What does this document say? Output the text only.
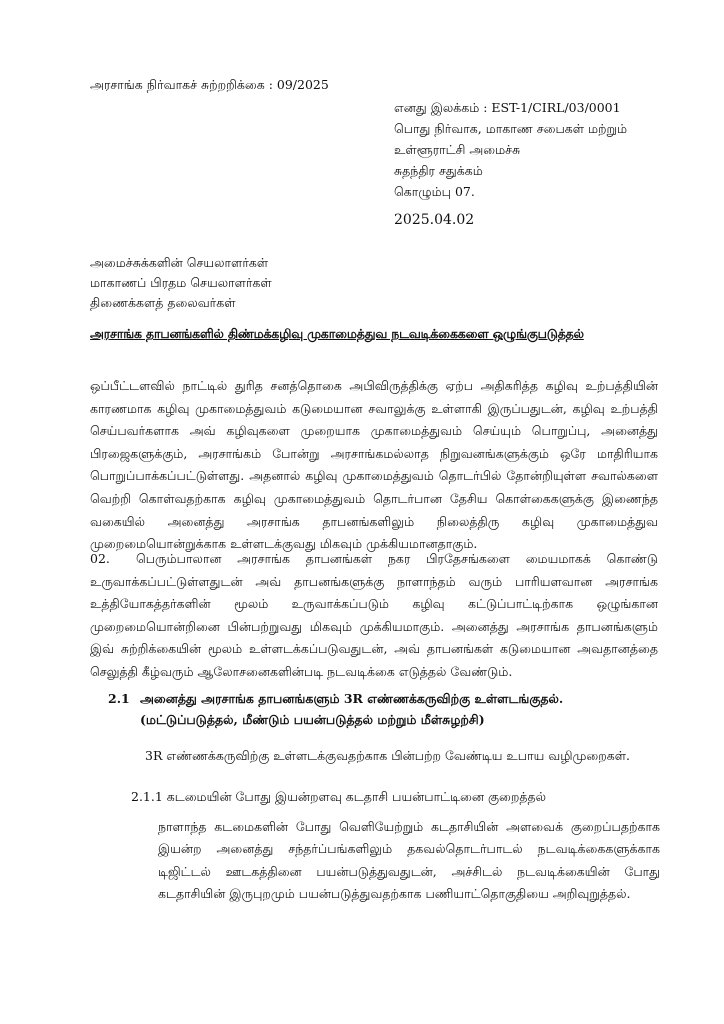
அரசாங்க நிர்வாகச் சுற்றறிக்கை : 09/2025

எனது இலக்கம் : EST-1/CIRL/03/0001
பொது நிர்வாக, மாகாண சபைகள் மற்றும்
உள்ளூராட்சி அமைச்சு
சுதந்திர சதுக்கம்
கொழும்பு 07.

2025.04.02

அமைச்சுக்களின் செயலாளர்கள்
மாகாணப் பிரதம செயலாளர்கள்
திணைக்களத் தலைவர்கள்

அரசாங்க தாபனங்களில் திண்மக்கழிவு முகாமைத்துவ நடவடிக்கைகளை ஒழுங்குபடுத்தல்

ஒப்பீட்டளவில் நாட்டில் துரித சனத்தொகை அபிவிருத்திக்கு ஏற்ப அதிகரித்த கழிவு உற்பத்தியின் காரணமாக கழிவு முகாமைத்துவம் கடுமையான சவாலுக்கு உள்ளாகி இருப்பதுடன், கழிவு உற்பத்தி செய்பவர்களாக அவ் கழிவுகளை முறையாக முகாமைத்துவம் செய்யும் பொறுப்பு, அனைத்து பிரஜைகளுக்கும், அரசாங்கம் போன்று அரசாங்கமல்லாத நிறுவனங்களுக்கும் ஒரே மாதிரியாக பொறுப்பாக்கப்பட்டுள்ளது. அதனால் கழிவு முகாமைத்துவம் தொடர்பில் தோன்றியுள்ள சவால்களை வெற்றி கொள்வதற்காக கழிவு முகாமைத்துவம் தொடர்பான தேசிய கொள்கைகளுக்கு இணைந்த வகையில் அனைத்து அரசாங்க தாபனங்களிலும் நிலைத்திரு கழிவு முகாமைத்துவ முறைமையொன்றுக்காக உள்ளடக்குவது மிகவும் முக்கியமானதாகும்.

02. பெரும்பாலான அரசாங்க தாபனங்கள் நகர பிரதேசங்களை மையமாகக் கொண்டு உருவாக்கப்பட்டுள்ளதுடன் அவ் தாபனங்களுக்கு நாளாந்தம் வரும் பாரியளவான அரசாங்க உத்தியோகத்தர்களின் மூலம் உருவாக்கப்படும் கழிவு கட்டுப்பாட்டிற்காக ஒழுங்கான முறைமையொன்றினை பின்பற்றுவது மிகவும் முக்கியமாகும். அனைத்து அரசாங்க தாபனங்களும் இவ் சுற்றிக்கையின் மூலம் உள்ளடக்கப்படுவதுடன், அவ் தாபனங்கள் கடுமையான அவதானத்தை செலுத்தி கீழ்வரும் ஆலோசனைகளின்படி நடவடிக்கை எடுத்தல் வேண்டும்.

2.1 அனைத்து அரசாங்க தாபனங்களும் 3R எண்ணக்கருவிற்கு உள்ளடங்குதல்.
(மட்டுப்படுத்தல், மீண்டும் பயன்படுத்தல் மற்றும் மீள்சுழற்சி)

3R எண்ணக்கருவிற்கு உள்ளடக்குவதற்காக பின்பற்ற வேண்டிய உபாய வழிமுறைகள்.

2.1.1 கடமையின் போது இயன்றளவு கடதாசி பயன்பாட்டினை குறைத்தல்

நாளாந்த கடமைகளின் போது வெளியேற்றும் கடதாசியின் அளவைக் குறைப்பதற்காக இயன்ற அனைத்து சந்தர்ப்பங்களிலும் தகவல்தொடர்பாடல் நடவடிக்கைகளுக்காக டிஜிட்டல் ஊடகத்தினை பயன்படுத்துவதுடன், அச்சிடல் நடவடிக்கையின் போது கடதாசியின் இருபுறமும் பயன்படுத்துவதற்காக பணியாட்தொகுதியை அறிவுறுத்தல்.
